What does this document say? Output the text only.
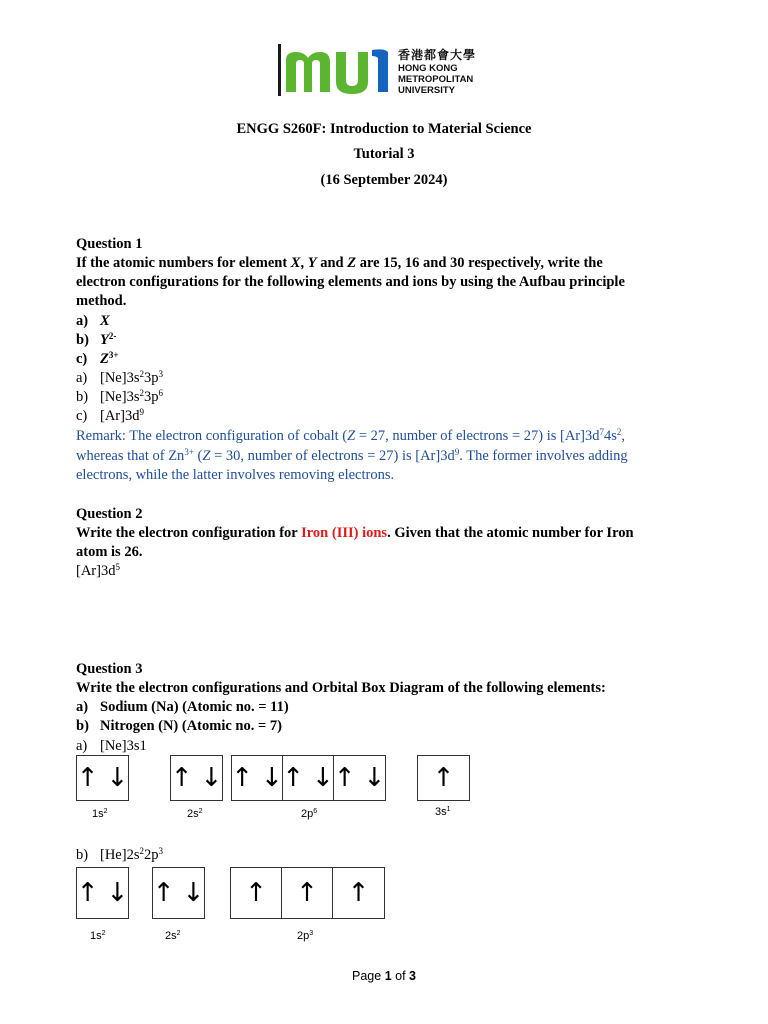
香港都會大學
HONG KONG
METROPOLITAN
UNIVERSITY
ENGG S260F: Introduction to Material Science
Tutorial 3
(16 September 2024)
Question 1
If the atomic numbers for element X, Y and Z are 15, 16 and 30 respectively, write the
electron configurations for the following elements and ions by using the Aufbau principle
method.
a) X
b) $Y^{2-}$
c) $Z^{3+}$
a) $[Ne]3s^23p^3$
b) $[Ne]3s^23p^6$
c) $[Ar]3d^9$
Remark: The electron configuration of cobalt (Z = 27, number of electrons = 27) is $[Ar]3d^74s^2$,
whereas that of $Zn^{3+}$ (Z = 30, number of electrons = 27) is $[Ar]3d^9$. The former involves adding
electrons, while the latter involves removing electrons.
Question 2
Write the electron configuration for Iron (III) ions. Given that the atomic number for Iron
atom is 26.
$[Ar]3d^5$
Question 3
Write the electron configurations and Orbital Box Diagram of the following elements:
a) Sodium (Na) (Atomic no. = 11)
b) Nitrogen (N) (Atomic no. = 7)
a) [Ne]3s1
↑ ↓ ↑ ↓ ↑ ↓ ↑ ↓ ↑ ↓ ↑
$1s^2$	$2s^2$	$2p^6$	$3s^1$
b) $[He]2s^22p^3$
↑ ↓ ↑ ↓ ↑ ↑ ↑
$1s^2$	$2s^2$	$2p^3$
Page 1 of 3
